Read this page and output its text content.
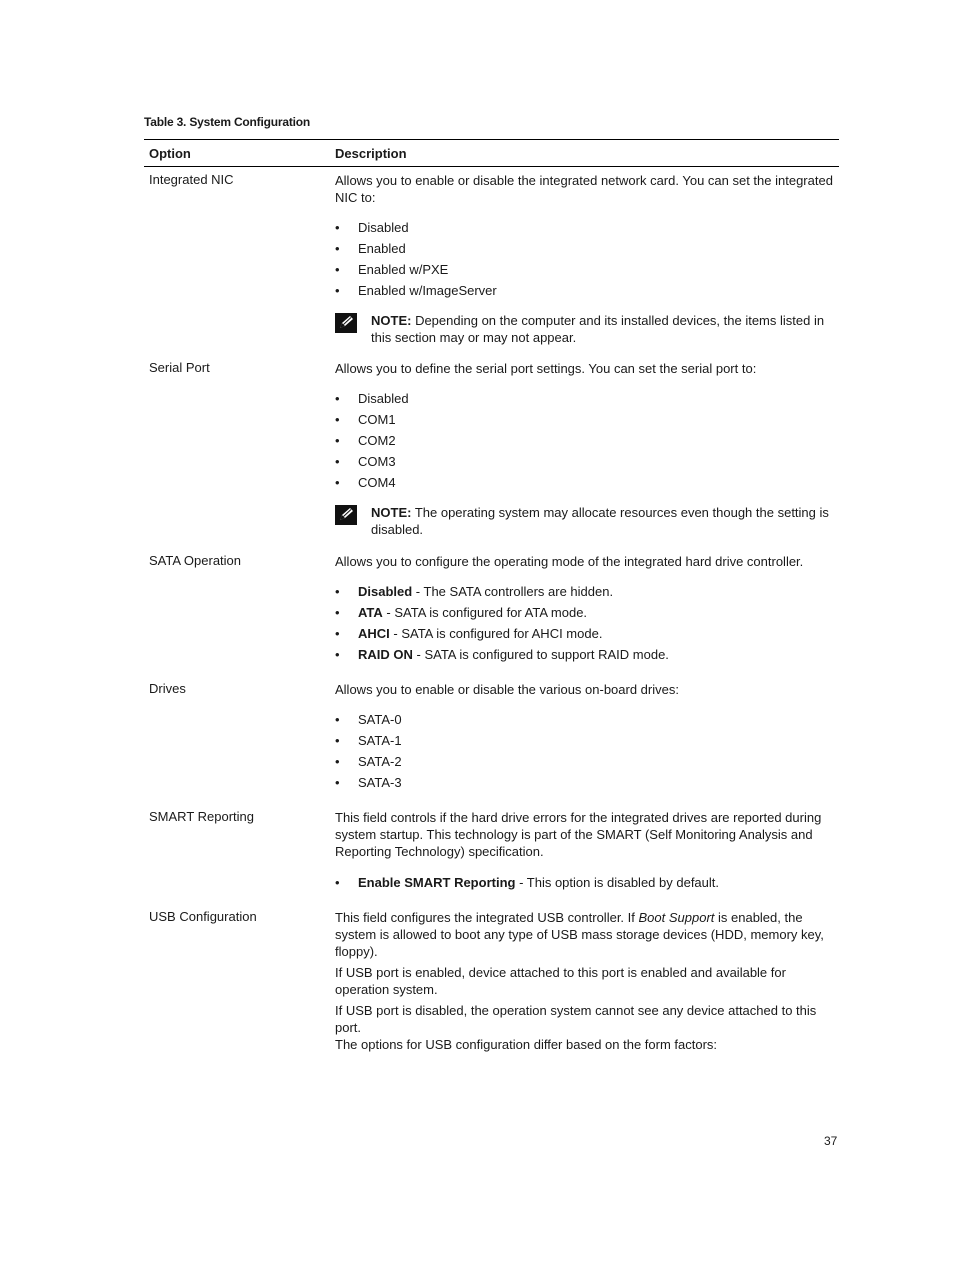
Table 3. System Configuration
Option	Description
Integrated NIC	Allows you to enable or disable the integrated network card. You can set the integrated NIC to:

• Disabled
• Enabled
• Enabled w/PXE
• Enabled w/ImageServer
NOTE: Depending on the computer and its installed devices, the items listed in this section may or may not appear.
Serial Port	Allows you to define the serial port settings. You can set the serial port to:

• Disabled
• COM1
• COM2
• COM3
• COM4
NOTE: The operating system may allocate resources even though the setting is disabled.
SATA Operation	Allows you to configure the operating mode of the integrated hard drive controller.

• Disabled - The SATA controllers are hidden.
• ATA - SATA is configured for ATA mode.
• AHCI - SATA is configured for AHCI mode.
• RAID ON - SATA is configured to support RAID mode.
Drives	Allows you to enable or disable the various on-board drives:

• SATA-0
• SATA-1
• SATA-2
• SATA-3
SMART Reporting	This field controls if the hard drive errors for the integrated drives are reported during system startup. This technology is part of the SMART (Self Monitoring Analysis and Reporting Technology) specification.

• Enable SMART Reporting - This option is disabled by default.
USB Configuration	This field configures the integrated USB controller. If Boot Support is enabled, the system is allowed to boot any type of USB mass storage devices (HDD, memory key, floppy).

If USB port is enabled, device attached to this port is enabled and available for operation system.

If USB port is disabled, the operation system cannot see any device attached to this port.

The options for USB configuration differ based on the form factors:

37
